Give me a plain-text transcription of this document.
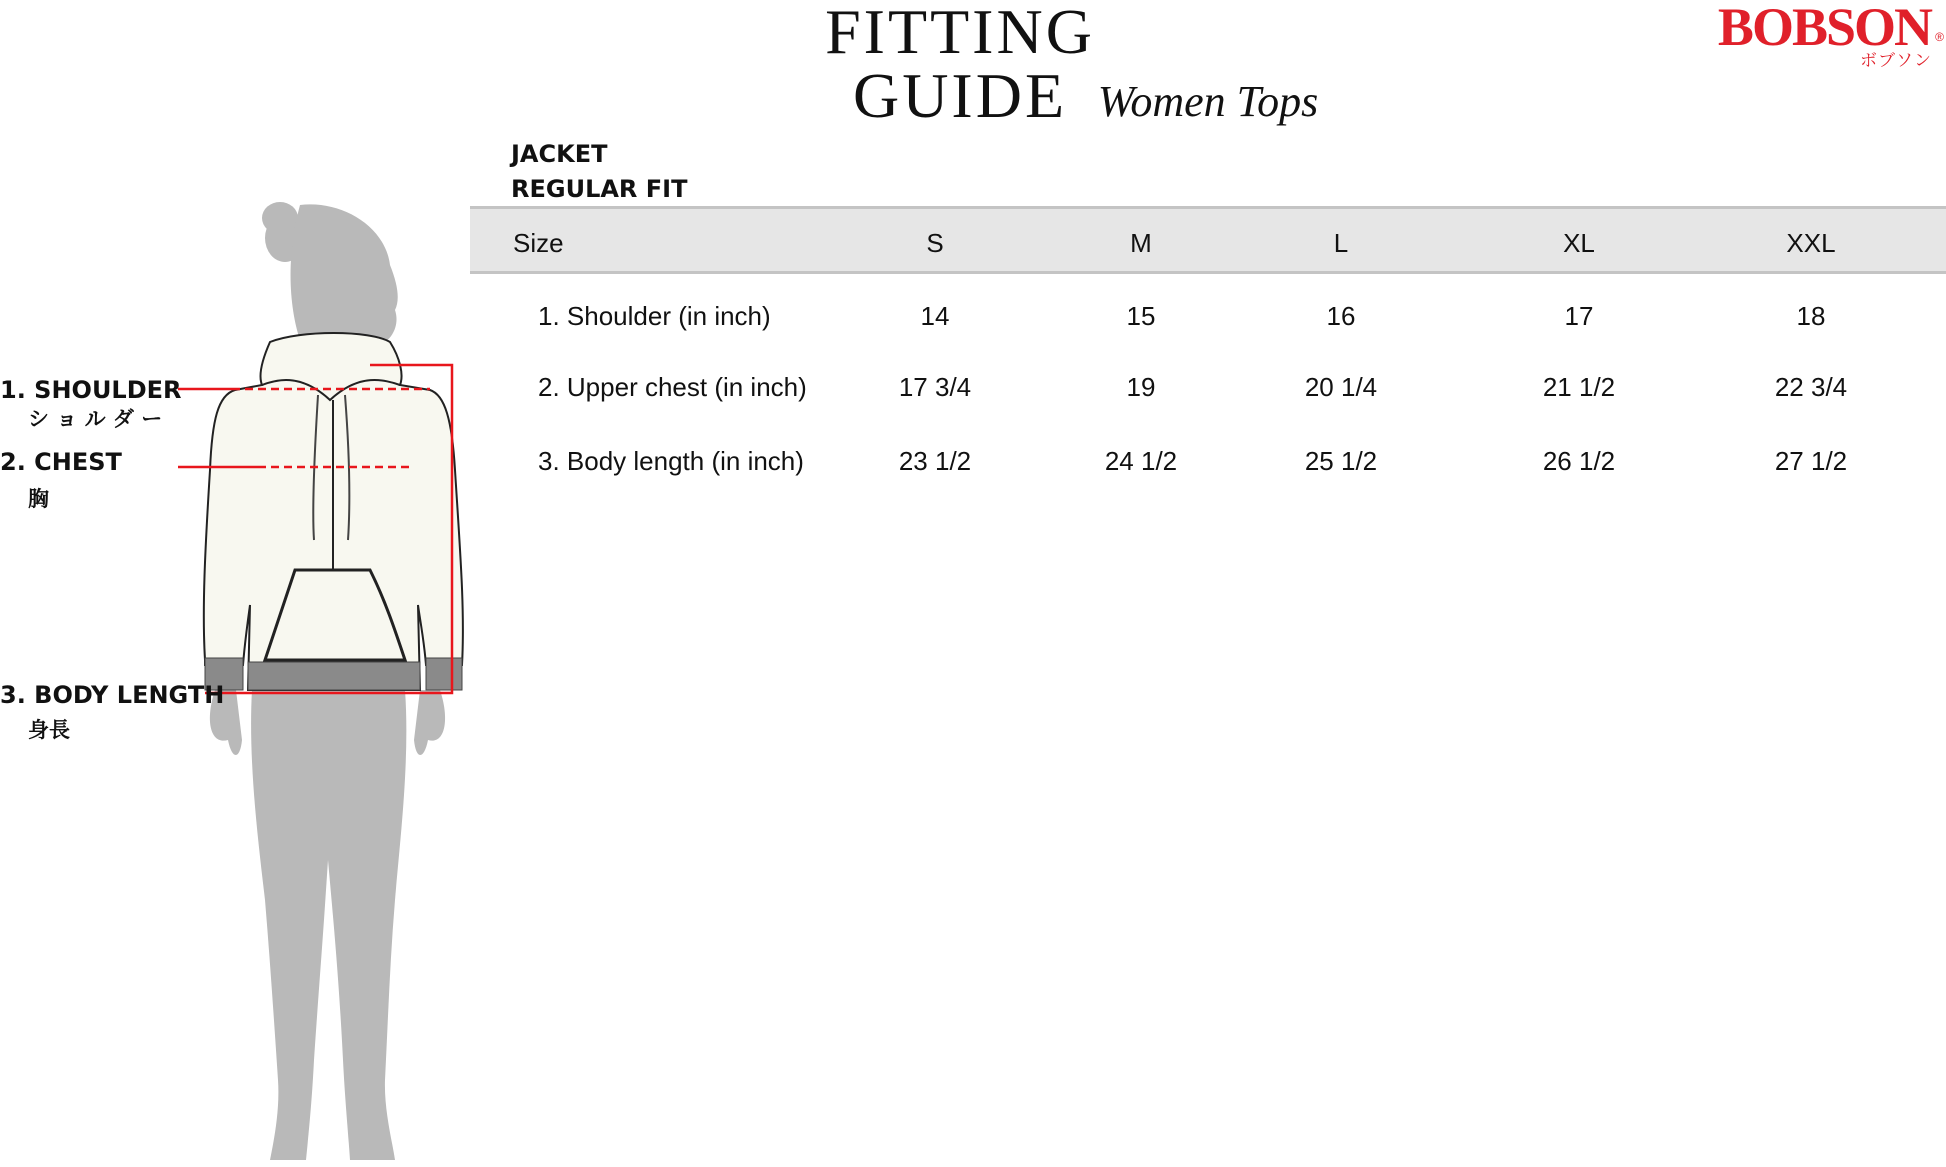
FITTING GUIDE Women Tops
BOBSON ®
ボブソン
JACKET
REGULAR FIT
Size	S	M	L	XL	XXL
1. Shoulder (in inch)	14	15	16	17	18
2. Upper chest (in inch)	17 3/4	19	20 1/4	21 1/2	22 3/4
3. Body length (in inch)	23 1/2	24 1/2	25 1/2	26 1/2	27 1/2
1. SHOULDER
シ ョ ル ダ ー
2. CHEST
胸
3. BODY LENGTH
身長
